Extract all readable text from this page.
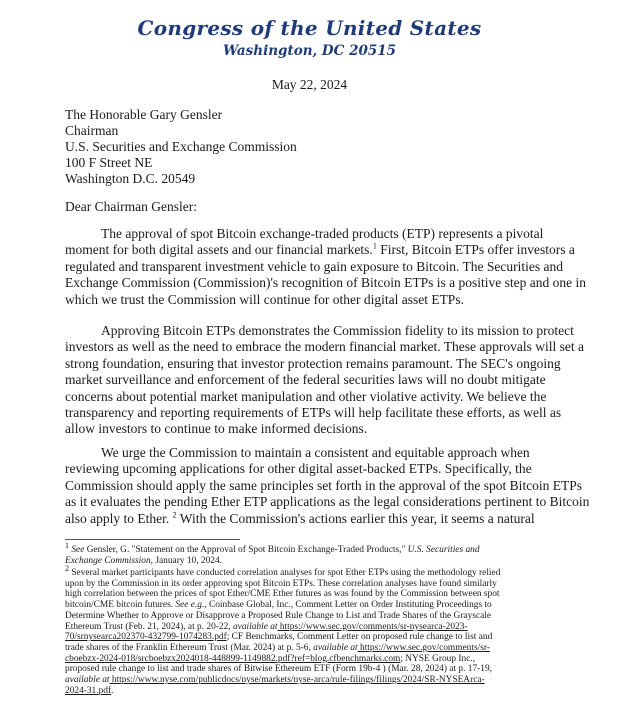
Congress of the United States
Washington, DC 20515
May 22, 2024
The Honorable Gary Gensler
Chairman
U.S. Securities and Exchange Commission
100 F Street NE
Washington D.C. 20549
Dear Chairman Gensler:
The approval of spot Bitcoin exchange-traded products (ETP) represents a pivotal
moment for both digital assets and our financial markets.$^1$ First, Bitcoin ETPs offer investors a
regulated and transparent investment vehicle to gain exposure to Bitcoin. The Securities and
Exchange Commission (Commission)'s recognition of Bitcoin ETPs is a positive step and one in
which we trust the Commission will continue for other digital asset ETPs.
Approving Bitcoin ETPs demonstrates the Commission fidelity to its mission to protect
investors as well as the need to embrace the modern financial market. These approvals will set a
strong foundation, ensuring that investor protection remains paramount. The SEC's ongoing
market surveillance and enforcement of the federal securities laws will no doubt mitigate
concerns about potential market manipulation and other violative activity. We believe the
transparency and reporting requirements of ETPs will help facilitate these efforts, as well as
allow investors to continue to make informed decisions.
We urge the Commission to maintain a consistent and equitable approach when
reviewing upcoming applications for other digital asset-backed ETPs. Specifically, the
Commission should apply the same principles set forth in the approval of the spot Bitcoin ETPs
as it evaluates the pending Ether ETP applications as the legal considerations pertinent to Bitcoin
also apply to Ether. $^2$ With the Commission's actions earlier this year, it seems a natural
$^1$ See Gensler, G. "Statement on the Approval of Spot Bitcoin Exchange-Traded Products," U.S. Securities and
Exchange Commission, January 10, 2024.
$^2$ Several market participants have conducted correlation analyses for spot Ether ETPs using the methodology relied
upon by the Commission in its order approving spot Bitcoin ETPs. These correlation analyses have found similarly
high correlation between the prices of spot Ether/CME Ether futures as was found by the Commission between spot
bitcoin/CME bitcoin futures. See e.g., Coinbase Global, Inc., Comment Letter on Order Instituting Proceedings to
Determine Whether to Approve or Disapprove a Proposed Rule Change to List and Trade Shares of the Grayscale
Ethereum Trust (Feb. 21, 2024), at p. 20-22, available at https://www.sec.gov/comments/sr-nysearca-2023-
70/srnysearca202370-432799-1074283.pdf; CF Benchmarks, Comment Letter on proposed rule change to list and
trade shares of the Franklin Ethereum Trust (Mar. 2024) at p. 5-6, available at https://www.sec.gov/comments/sr-
cboebzx-2024-018/srcboebzx2024018-448899-1149882.pdf?ref=blog.cfbenchmarks.com; NYSE Group Inc.,
proposed rule change to list and trade shares of Bitwise Ethereum ETF (Form 19b-4 ) (Mar. 28, 2024) at p. 17-19,
available at https://www.nyse.com/publicdocs/nyse/markets/nyse-arca/rule-filings/filings/2024/SR-NYSEArca-
2024-31.pdf.
